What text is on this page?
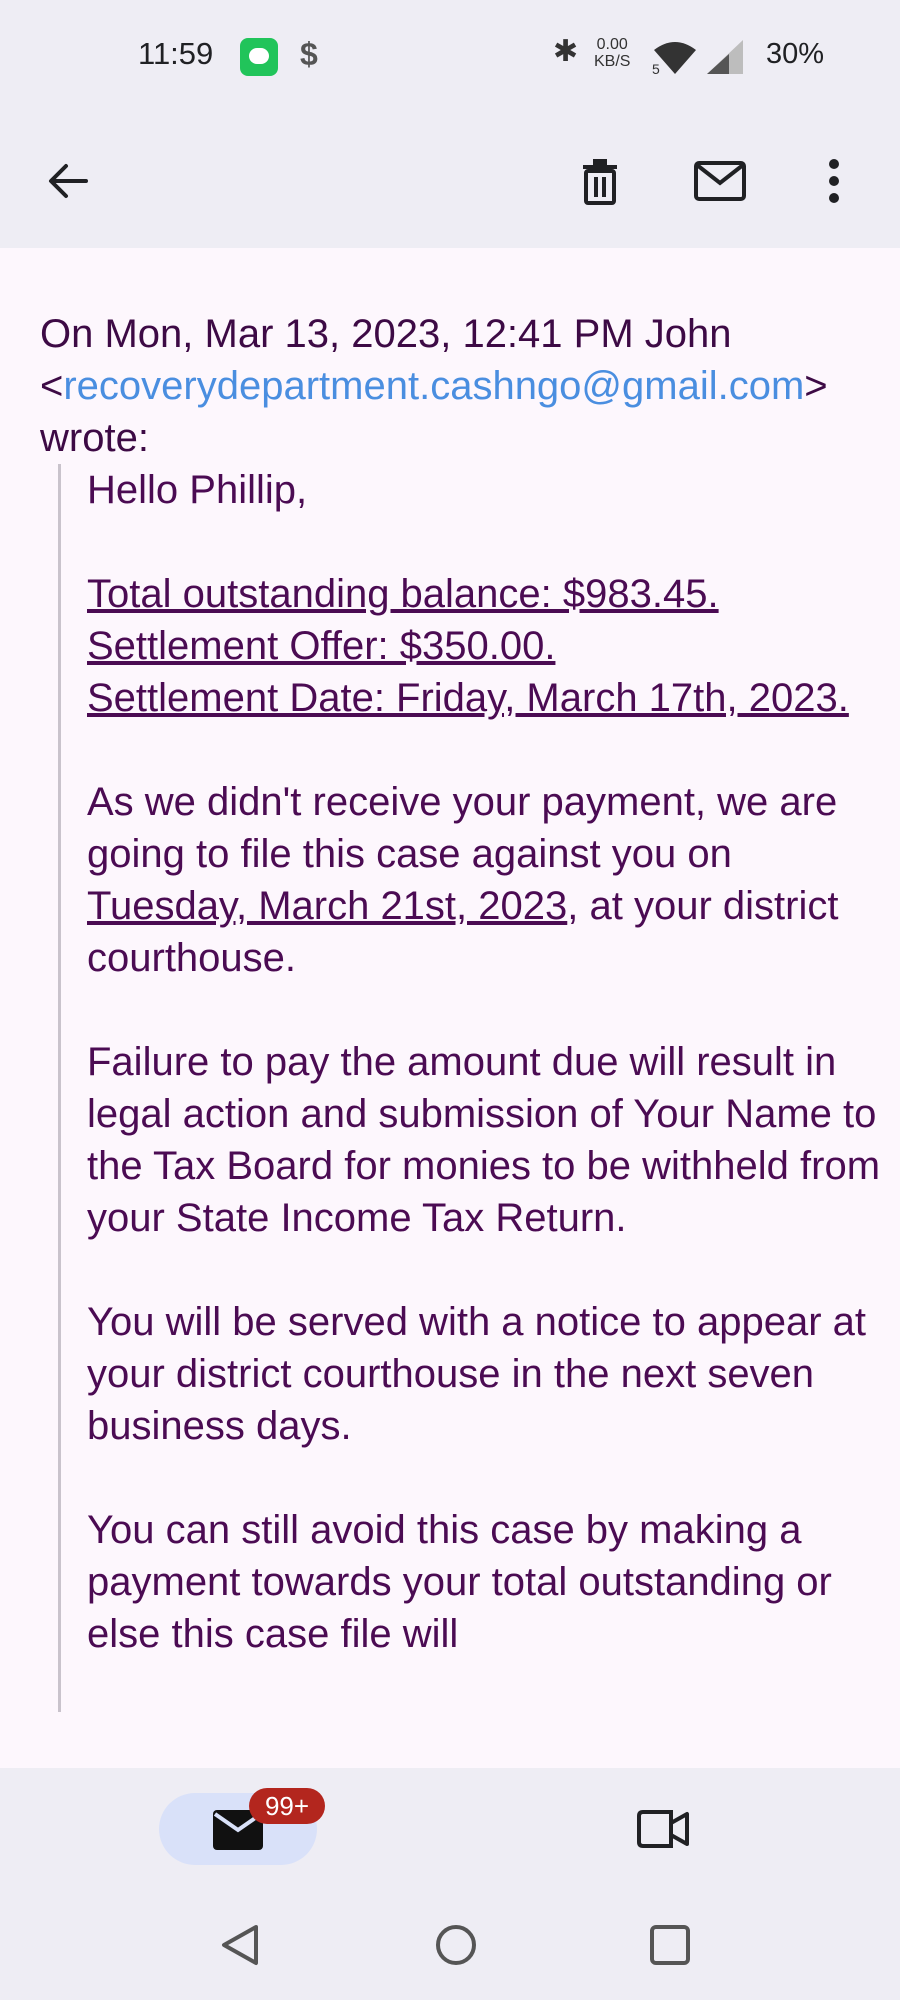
11:59	$	✱ 0.00
KB/S 5	30%
On Mon, Mar 13, 2023, 12:41 PM John <recoverydepartment.cashngo@gmail.com> wrote:

Hello Phillip,

Total outstanding balance: $983.45.
Settlement Offer: $350.00.
Settlement Date: Friday, March 17th, 2023.

As we didn't receive your payment, we are going to file this case against you on Tuesday, March 21st, 2023, at your district courthouse.

Failure to pay the amount due will result in legal action and submission of Your Name to the Tax Board for monies to be withheld from your State Income Tax Return.

You will be served with a notice to appear at your district courthouse in the next seven business days.

You can still avoid this case by making a payment towards your total outstanding or else this case file will

99+
